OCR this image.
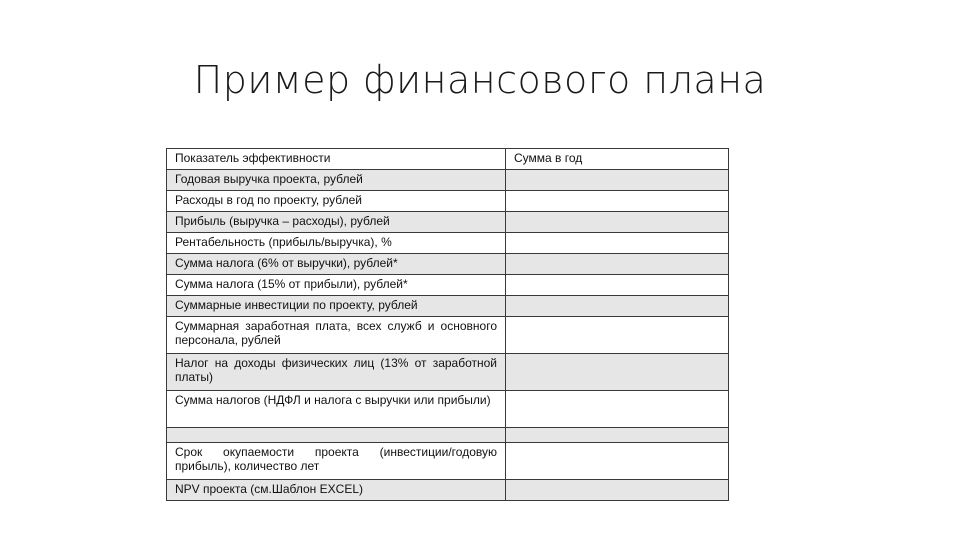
Пример финансового плана
Показатель эффективности	Сумма в год
Годовая выручка проекта, рублей	
Расходы в год по проекту, рублей	
Прибыль (выручка – расходы), рублей	
Рентабельность (прибыль/выручка), %	
Сумма налога (6% от выручки), рублей*	
Сумма налога (15% от прибыли), рублей*	
Суммарные инвестиции по проекту, рублей	
Суммарная заработная плата, всех служб и основного персонала, рублей	
Налог на доходы физических лиц (13% от заработной платы)	
Сумма налогов (НДФЛ и налога с выручки или прибыли)	

Срок окупаемости проекта (инвестиции/годовую прибыль), количество лет	
NPV проекта (см.Шаблон EXCEL)	
